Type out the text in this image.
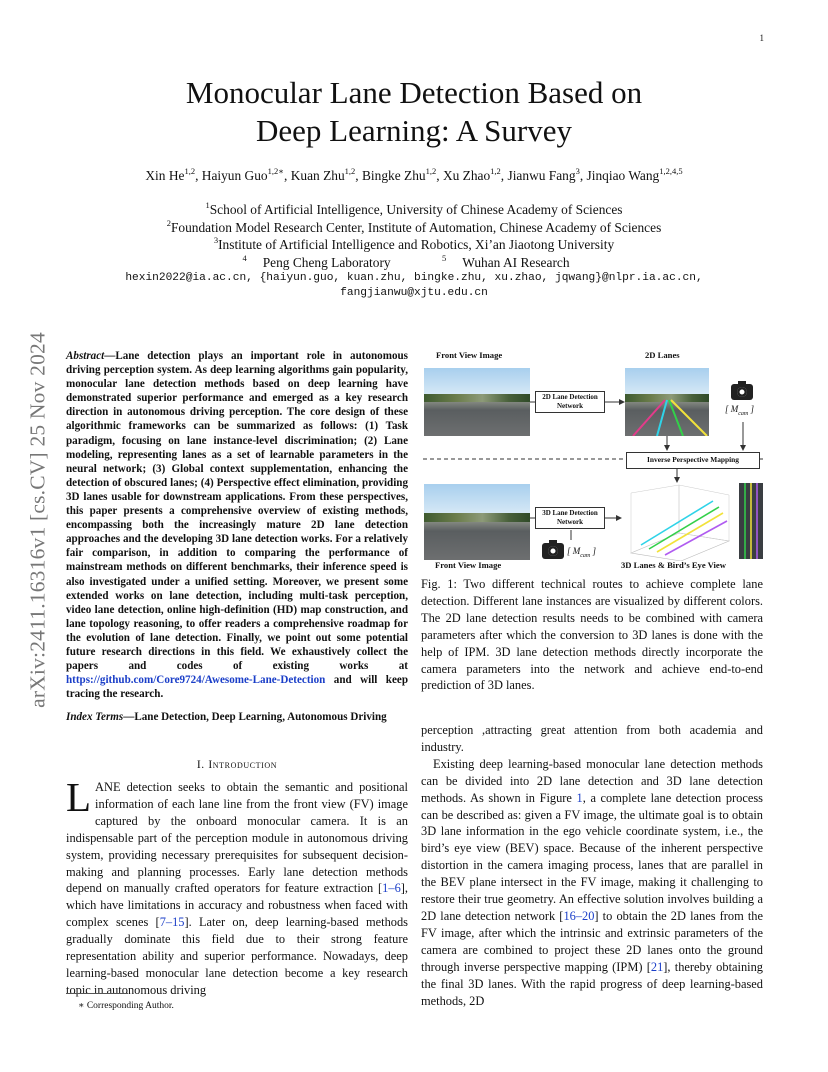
1
arXiv:2411.16316v1 [cs.CV] 25 Nov 2024
Monocular Lane Detection Based on
Deep Learning: A Survey
Xin He$^{1,2}$, Haiyun Guo$^{1,2∗}$, Kuan Zhu$^{1,2}$, Bingke Zhu$^{1,2}$, Xu Zhao$^{1,2}$, Jianwu Fang$^3$, Jinqiao Wang$^{1,2,4,5}$
$^1$School of Artificial Intelligence, University of Chinese Academy of Sciences
$^2$Foundation Model Research Center, Institute of Automation, Chinese Academy of Sciences
$^3$Institute of Artificial Intelligence and Robotics, Xi’an Jiaotong University
$^4$ Peng Cheng Laboratory	$^5$ Wuhan AI Research
hexin2022@ia.ac.cn, {haiyun.guo, kuan.zhu, bingke.zhu, xu.zhao, jqwang}@nlpr.ia.ac.cn,
fangjianwu@xjtu.edu.cn
Abstract—Lane detection plays an important role in autonomous driving perception system. As deep learning algorithms gain popularity, monocular lane detection methods based on deep learning have demonstrated superior performance and emerged as a key research direction in autonomous driving perception. The core design of these algorithmic frameworks can be summarized as follows: (1) Task paradigm, focusing on lane instance-level discrimination; (2) Lane modeling, representing lanes as a set of learnable parameters in the neural network; (3) Global context supplementation, enhancing the detection of obscured lanes; (4) Perspective effect elimination, providing 3D lanes usable for downstream applications. From these perspectives, this paper presents a comprehensive overview of existing methods, encompassing both the increasingly mature 2D lane detection approaches and the developing 3D lane detection works. For a relatively fair comparison, in addition to comparing the performance of mainstream methods on different benchmarks, their inference speed is also investigated under a unified setting. Moreover, we present some extended works on lane detection, including multi-task perception, video lane detection, online high-definition (HD) map construction, and lane topology reasoning, to offer readers a comprehensive roadmap for the evolution of lane detection. Finally, we point out some potential future research directions in this field. We exhaustively collect the papers and codes of existing works at https://github.com/Core9724/Awesome-Lane-Detection and will keep tracing the research.
Index Terms—Lane Detection, Deep Learning, Autonomous Driving
I. Introduction
LANE detection seeks to obtain the semantic and positional information of each lane line from the front view (FV) image captured by the onboard monocular camera. It is an indispensable part of the perception module in autonomous driving system, providing necessary prerequisites for subsequent decision-making and planning processes. Early lane detection methods depend on manually crafted operators for feature extraction [1–6], which have limitations in accuracy and robustness when faced with complex scenes [7–15]. Later on, deep learning-based methods gradually dominate this field due to their strong feature representation ability and superior performance. Nowadays, deep learning-based monocular lane detection become a key research topic in autonomous driving
∗ Corresponding Author.
Front View Image	2D Lanes
2D Lane Detection Network	[ $M_{cam}$ ]
Inverse Perspective Mapping
3D Lane Detection Network
[ $M_{cam}$ ]
Front View Image	3D Lanes & Bird’s Eye View
Fig. 1: Two different technical routes to achieve complete lane detection. Different lane instances are visualized by different colors. The 2D lane detection results needs to be combined with camera parameters after which the conversion to 3D lanes is done with the help of IPM. 3D lane detection methods directly incorporate the camera parameters into the network and achieve end-to-end prediction of 3D lanes.

perception ,attracting great attention from both academia and industry.

Existing deep learning-based monocular lane detection methods can be divided into 2D lane detection and 3D lane detection methods. As shown in Figure 1, a complete lane detection process can be described as: given a FV image, the ultimate goal is to obtain 3D lane information in the ego vehicle coordinate system, i.e., the bird’s eye view (BEV) space. Because of the inherent perspective distortion in the camera imaging process, lanes that are parallel in the BEV plane intersect in the FV image, making it challenging to restore their true geometry. An effective solution involves building a 2D lane detection network [16–20] to obtain the 2D lanes from the FV image, after which the intrinsic and extrinsic parameters of the camera are combined to project these 2D lanes onto the ground through inverse perspective mapping (IPM) [21], thereby obtaining the final 3D lanes. With the rapid progress of deep learning-based methods, 2D
